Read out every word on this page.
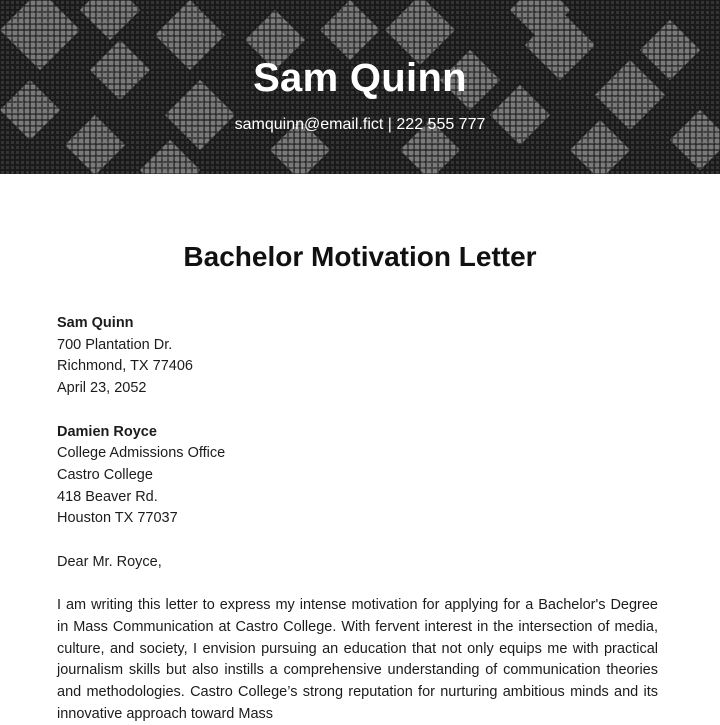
Sam Quinn
samquinn@email.fict | 222 555 777
Bachelor Motivation Letter
Sam Quinn
700 Plantation Dr.
Richmond, TX 77406
April 23, 2052
Damien Royce
College Admissions Office
Castro College
418 Beaver Rd.
Houston TX 77037
Dear Mr. Royce,
I am writing this letter to express my intense motivation for applying for a Bachelor's Degree in Mass Communication at Castro College. With fervent interest in the intersection of media, culture, and society, I envision pursuing an education that not only equips me with practical journalism skills but also instills a comprehensive understanding of communication theories and methodologies. Castro College’s strong reputation for nurturing ambitious minds and its innovative approach toward Mass
